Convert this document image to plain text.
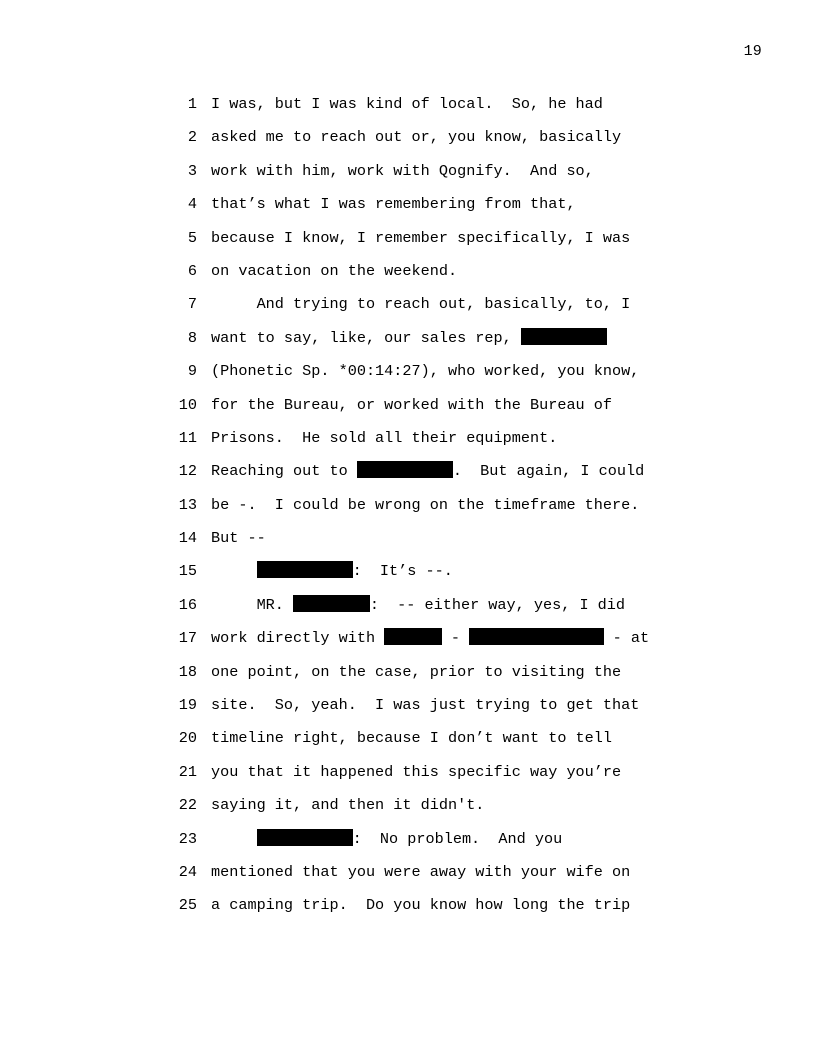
19
1 I was, but I was kind of local.  So, he had
2 asked me to reach out or, you know, basically
3 work with him, work with Qognify.  And so,
4 that’s what I was remembering from that,
5 because I know, I remember specifically, I was
6 on vacation on the weekend.
7 And trying to reach out, basically, to, I
8 want to say, like, our sales rep,
9 (Phonetic Sp. *00:14:27), who worked, you know,
10 for the Bureau, or worked with the Bureau of
11 Prisons.  He sold all their equipment.
12 Reaching out to	.  But again, I could
13 be -.  I could be wrong on the timeframe there.
14 But --
15	:  It’s --.
16 MR.	:  -- either way, yes, I did
17 work directly with	-	- at
18 one point, on the case, prior to visiting the
19 site.  So, yeah.  I was just trying to get that
20 timeline right, because I don’t want to tell
21 you that it happened this specific way you’re
22 saying it, and then it didn't.
23	:  No problem.  And you
24 mentioned that you were away with your wife on
25 a camping trip.  Do you know how long the trip
